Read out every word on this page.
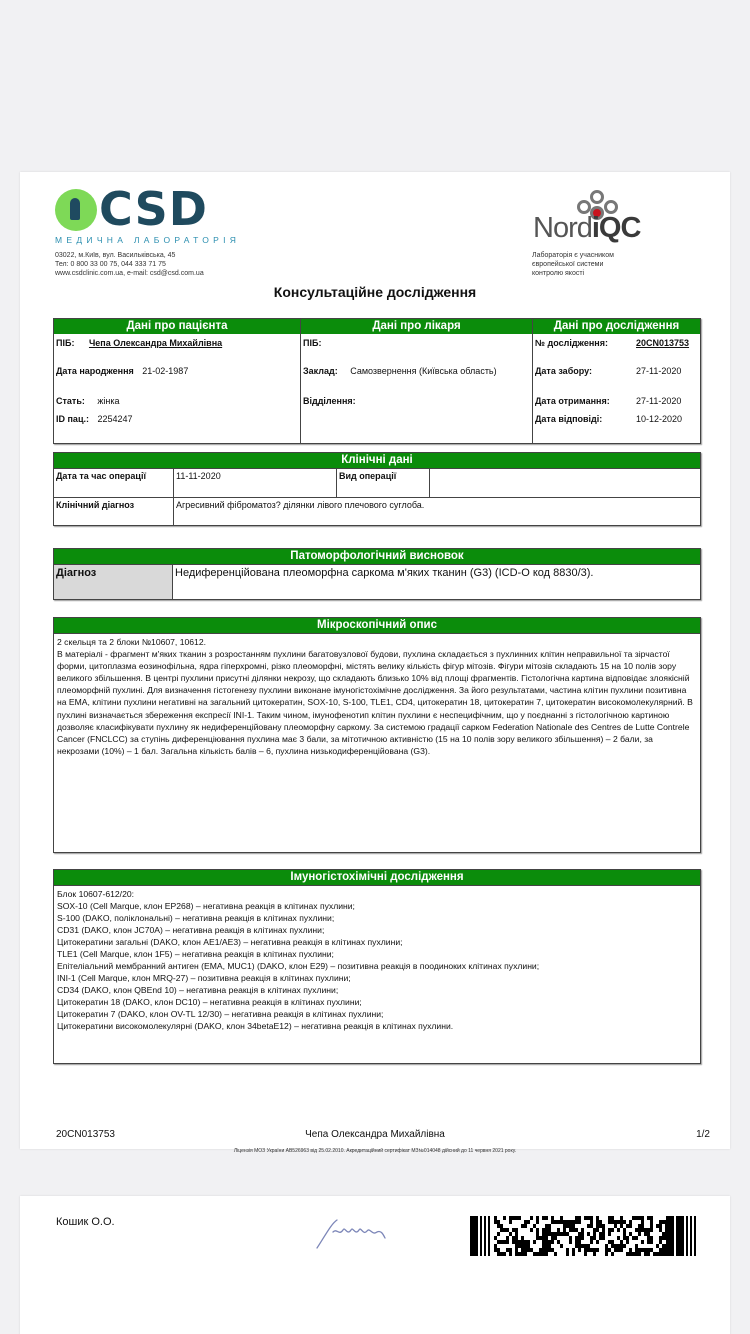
CSD
МЕДИЧНА ЛАБОРАТОРІЯ
03022, м.Київ, вул. Васильківська, 45
Тел: 0 800 33 00 75, 044 333 71 75
www.csdclinic.com.ua, e-mail: csd@csd.com.ua
NordiQC
Лабораторія є учасником
європейської системи
контролю якості
Консультаційне дослідження
Дані про пацієнта
ПІБ: Чепа Олександра Михайлівна
Дата народження 21-02-1987
Стать: жінка
ID пац.: 2254247
Дані про лікаря
ПІБ:
Заклад: Самозвернення (Київська область)
Відділення:
Дані про дослідження
№ дослідження:	20CN013753
Дата забору:	27-11-2020
Дата отримання:	27-11-2020
Дата відповіді:	10-12-2020
Клінічні дані
Дата та час операції	11-11-2020	Вид операції
Клінічний діагноз	Агресивний фіброматоз? ділянки лівого плечового суглоба.
Патоморфологічний висновок
Діагноз	Недиференційована плеоморфна саркома м'яких тканин (G3) (ICD-O код 8830/3).
Мікроскопічний опис
2 скельця та 2 блоки №10607, 10612.
В матеріалі - фрагмент м'яких тканин з розростанням пухлини багатовузлової будови, пухлина складається з пухлинних клітин неправильної та зірчастої форми, цитоплазма еозинофільна, ядра гіперхромні, різко плеоморфні, містять велику кількість фігур мітозів. Фігури мітозів складають 15 на 10 полів зору великого збільшення. В центрі пухлини присутні ділянки некрозу, що складають близько 10% від площі фрагментів. Гістологічна картина відповідає злоякісній плеоморфній пухлині. Для визначення гістогенезу пухлини виконане імуногістохімічне дослідження. За його результатами, частина клітин пухлини позитивна на ЕМА, клітини пухлини негативні на загальний цитокератин, SOX-10, S-100, TLE1, CD4, цитокератин 18, цитокератин 7, цитокератин високомолекулярний. В пухлині визначається збереження експресії INI-1. Таким чином, імунофенотип клітин пухлини є неспецифічним, що у поєднанні з гістологічною картиною дозволяє класифікувати пухлину як недиференційовану плеоморфну саркому. За системою градації сарком Federation Nationale des Centres de Lutte Contrele Cancer (FNCLCC) за ступінь диференціювання пухлина має 3 бали, за мітотичною активністю (15 на 10 полів зору великого збільшення) – 2 бали, за некрозами (10%) – 1 бал. Загальна кількість балів – 6, пухлина низькодиференційована (G3).
Імуногістохімічні дослідження
Блок 10607-612/20:
SOX-10 (Cell Marque, клон EP268) – негативна реакція в клітинах пухлини;
S-100 (DAKO, поліклональні) – негативна реакція в клітинах пухлини;
CD31 (DAKO, клон JC70A) – негативна реакція в клітинах пухлини;
Цитокератини загальні (DAKO, клон AE1/AE3) – негативна реакція в клітинах пухлини;
TLE1 (Cell Marque, клон 1F5) – негативна реакція в клітинах пухлини;
Епітеліальний мембранний антиген (EMA, MUC1) (DAKO, клон E29) – позитивна реакція в поодиноких клітинах пухлини;
INI-1 (Cell Marque, клон MRQ-27) – позитивна реакція в клітинах пухлини;
CD34 (DAKO, клон QBEnd 10) – негативна реакція в клітинах пухлини;
Цитокератин 18 (DAKO, клон DC10) – негативна реакція в клітинах пухлини;
Цитокератин 7 (DAKO, клон OV-TL 12/30) – негативна реакція в клітинах пухлини;
Цитокератини високомолекулярні (DAKO, клон 34betaE12) – негативна реакція в клітинах пухлини.
20CN013753	Чепа Олександра Михайлівна	1/2
Ліцензія МОЗ України АВ526963 від 25.02.2010. Акредитаційний сертифікат МЗ№014048 дійсний до 11 червня 2021 року.
Кошик О.О.
